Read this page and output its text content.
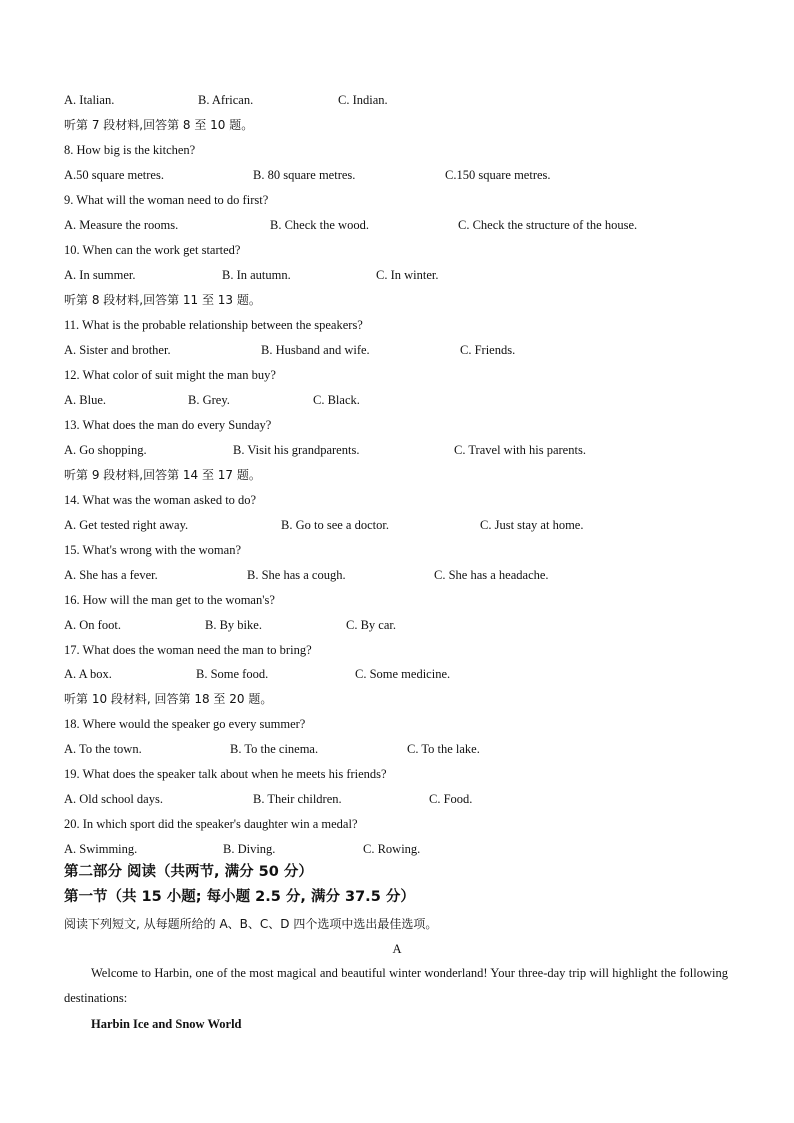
A. Italian.	B. African.	C. Indian.
听第 7 段材料,回答第 8 至 10 题。
8. How big is the kitchen?
A.50 square metres.	B. 80 square metres.	C.150 square metres.
9. What will the woman need to do first?
A. Measure the rooms.	B. Check the wood.	C. Check the structure of the house.
10. When can the work get started?
A. In summer.	B. In autumn.	C. In winter.
听第 8 段材料,回答第 11 至 13 题。
11. What is the probable relationship between the speakers?
A. Sister and brother.	B. Husband and wife.	C. Friends.
12. What color of suit might the man buy?
A. Blue.	B. Grey.	C. Black.
13. What does the man do every Sunday?
A. Go shopping.	B. Visit his grandparents.	C. Travel with his parents.
听第 9 段材料,回答第 14 至 17 题。
14. What was the woman asked to do?
A. Get tested right away.	B. Go to see a doctor.	C. Just stay at home.
15. What's wrong with the woman?
A. She has a fever.	B. She has a cough.	C. She has a headache.
16. How will the man get to the woman's?
A. On foot.	B. By bike.	C. By car.
17. What does the woman need the man to bring?
A. A box.	B. Some food.	C. Some medicine.
听第 10 段材料, 回答第 18 至 20 题。
18. Where would the speaker go every summer?
A. To the town.	B. To the cinema.	C. To the lake.
19. What does the speaker talk about when he meets his friends?
A. Old school days.	B. Their children.	C. Food.
20. In which sport did the speaker's daughter win a medal?
A. Swimming.	B. Diving.	C. Rowing.
第二部分 阅读（共两节, 满分 50 分）
第一节（共 15 小题; 每小题 2.5 分, 满分 37.5 分）
阅读下列短文, 从每题所给的 A、B、C、D 四个选项中选出最佳选项。
A
Welcome to Harbin, one of the most magical and beautiful winter wonderland! Your three-day trip will highlight the following destinations:
Harbin Ice and Snow World
